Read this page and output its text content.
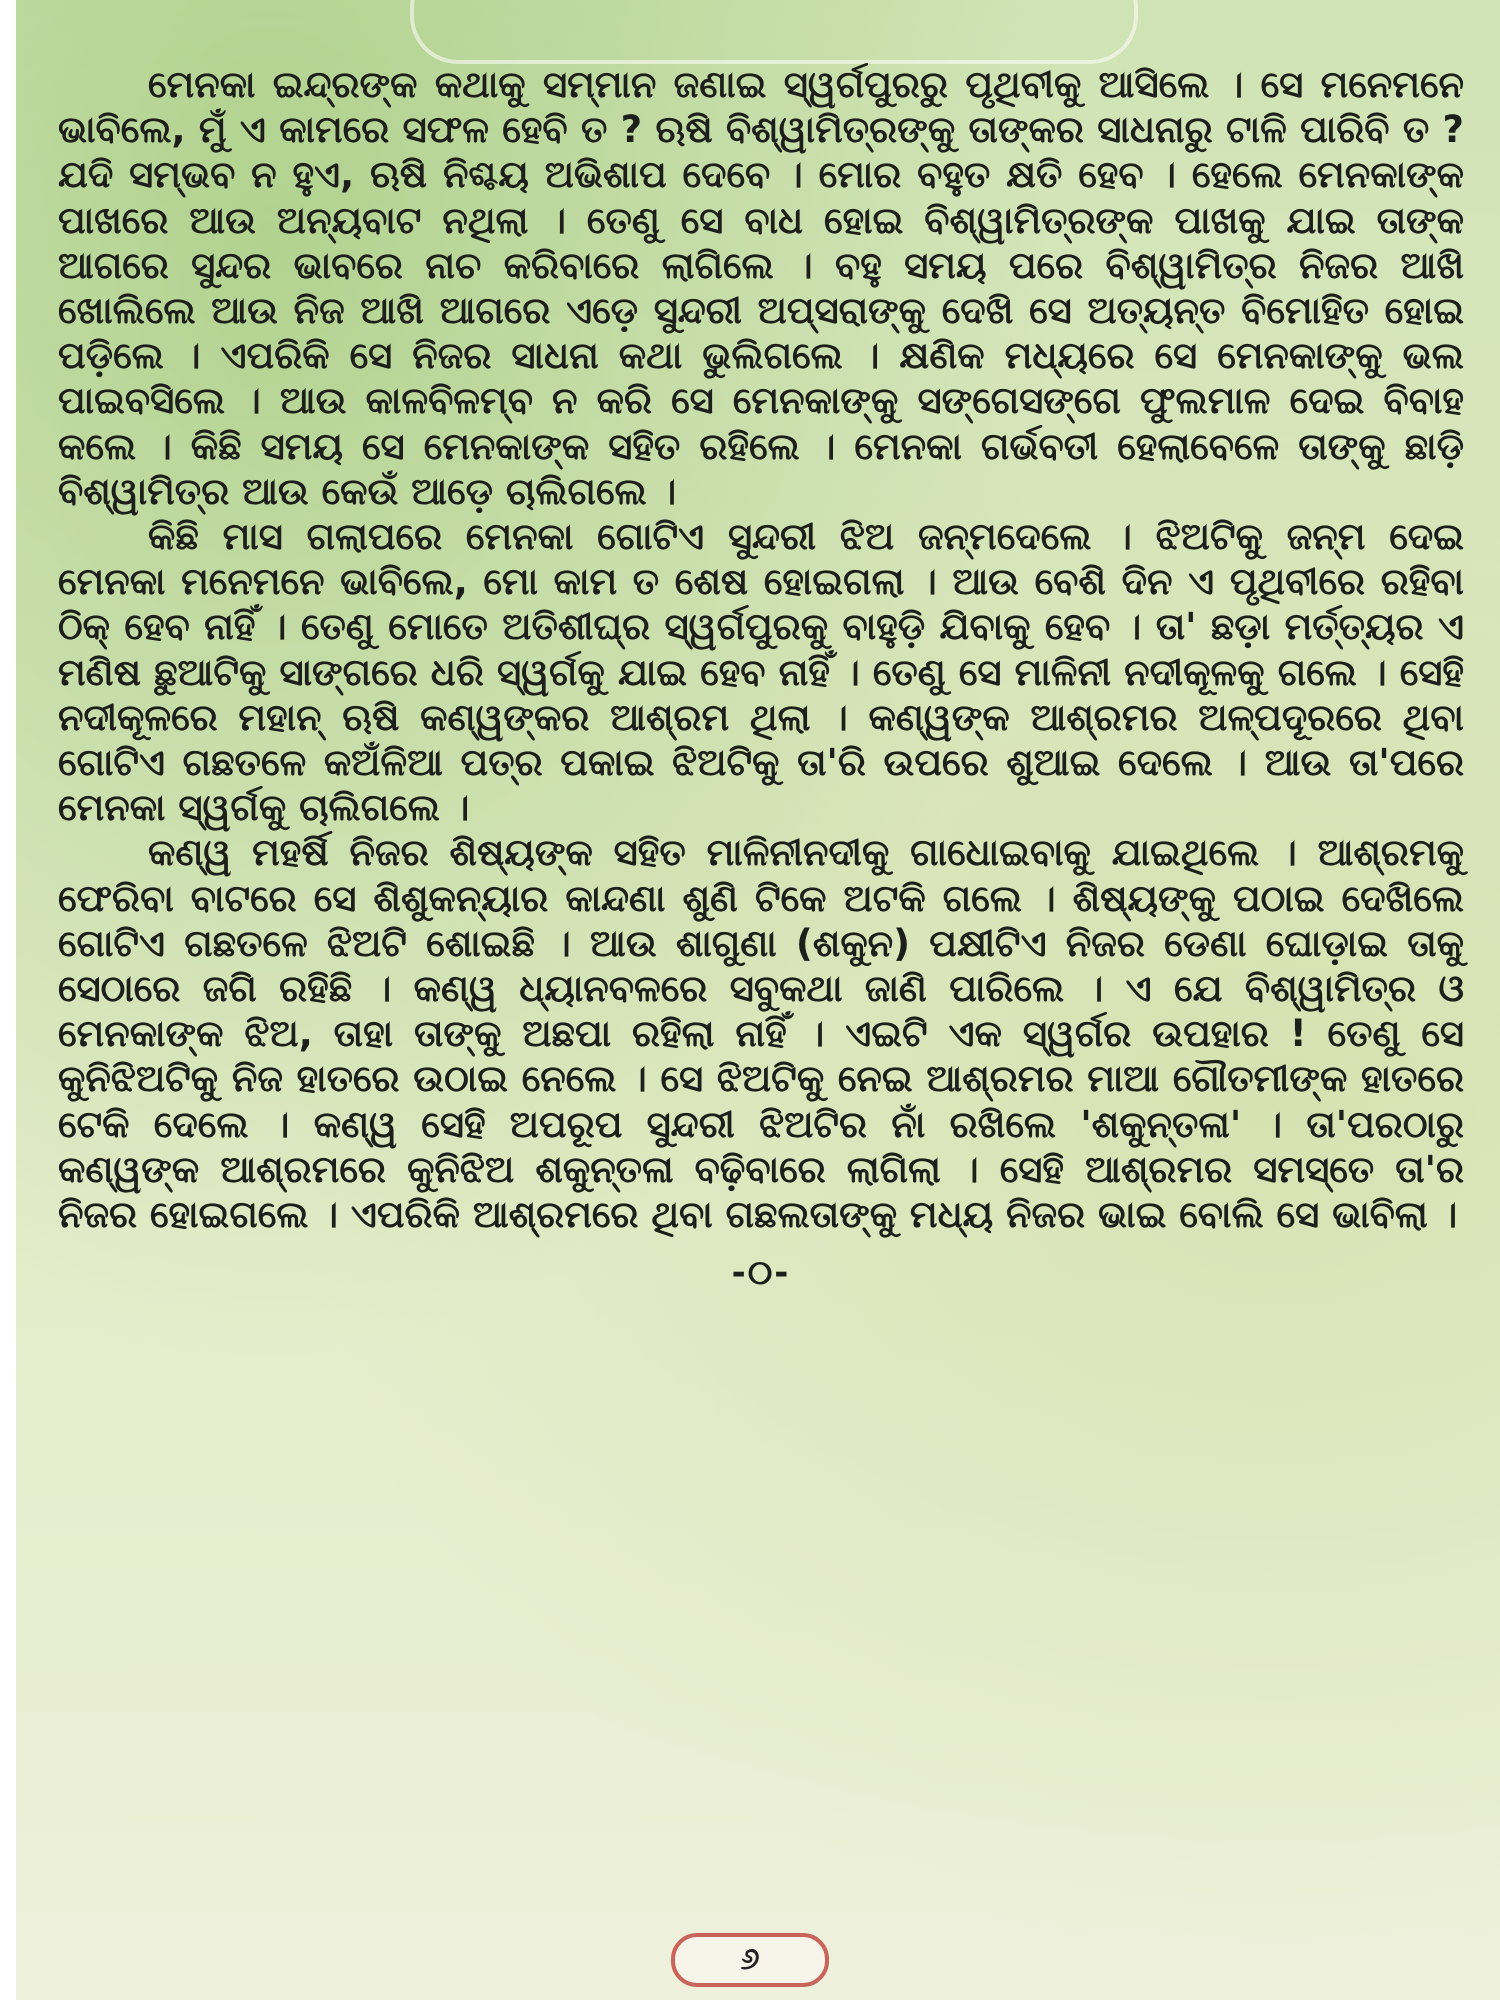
ମେନକା ଇନ୍ଦ୍ରଙ୍କ କଥାକୁ ସମ୍ମାନ ଜଣାଇ ସ୍ୱର୍ଗପୁରରୁ ପୃଥିବୀକୁ ଆସିଲେ । ସେ ମନେମନେ ଭାବିଲେ, ମୁଁ ଏ କାମରେ ସଫଳ ହେବି ତ ? ଋଷି ବିଶ୍ୱାମିତ୍ରଙ୍କୁ ତାଙ୍କର ସାଧନାରୁ ଟାଳି ପାରିବି ତ ? ଯଦି ସମ୍ଭବ ନ ହୁଏ, ଋଷି ନିଶ୍ଚୟ ଅଭିଶାପ ଦେବେ । ମୋର ବହୁତ କ୍ଷତି ହେବ । ହେଲେ ମେନକାଙ୍କ ପାଖରେ ଆଉ ଅନ୍ୟବାଟ ନଥିଲା । ତେଣୁ ସେ ବାଧ ହୋଇ ବିଶ୍ୱାମିତ୍ରଙ୍କ ପାଖକୁ ଯାଇ ତାଙ୍କ ଆଗରେ ସୁନ୍ଦର ଭାବରେ ନାଚ କରିବାରେ ଲାଗିଲେ । ବହୁ ସମୟ ପରେ ବିଶ୍ୱାମିତ୍ର ନିଜର ଆଖି ଖୋଲିଲେ ଆଉ ନିଜ ଆଖି ଆଗରେ ଏଡ଼େ ସୁନ୍ଦରୀ ଅପ୍ସରାଙ୍କୁ ଦେଖି ସେ ଅତ୍ୟନ୍ତ ବିମୋହିତ ହୋଇ ପଡ଼ିଲେ । ଏପରିକି ସେ ନିଜର ସାଧନା କଥା ଭୁଲିଗଲେ । କ୍ଷଣିକ ମଧ୍ୟରେ ସେ ମେନକାଙ୍କୁ ଭଲ ପାଇବସିଲେ । ଆଉ କାଳବିଳମ୍ବ ନ କରି ସେ ମେନକାଙ୍କୁ ସଙ୍ଗେସଙ୍ଗେ ଫୁଲମାଳ ଦେଇ ବିବାହ କଲେ । କିଛି ସମୟ ସେ ମେନକାଙ୍କ ସହିତ ରହିଲେ । ମେନକା ଗର୍ଭବତୀ ହେଲାବେଳେ ତାଙ୍କୁ ଛାଡ଼ି ବିଶ୍ୱାମିତ୍ର ଆଉ କେଉଁ ଆଡ଼େ ଚାଲିଗଲେ ।

କିଛି ମାସ ଗଲାପରେ ମେନକା ଗୋଟିଏ ସୁନ୍ଦରୀ ଝିଅ ଜନ୍ମଦେଲେ । ଝିଅଟିକୁ ଜନ୍ମ ଦେଇ ମେନକା ମନେମନେ ଭାବିଲେ, ମୋ କାମ ତ ଶେଷ ହୋଇଗଲା । ଆଉ ବେଶି ଦିନ ଏ ପୃଥିବୀରେ ରହିବା ଠିକ୍ ହେବ ନାହିଁ । ତେଣୁ ମୋତେ ଅତିଶୀଘ୍ର ସ୍ୱର୍ଗପୁରକୁ ବାହୁଡ଼ି ଯିବାକୁ ହେବ । ତା' ଛଡ଼ା ମର୍ତ୍ତ୍ୟର ଏ ମଣିଷ ଛୁଆଟିକୁ ସାଙ୍ଗରେ ଧରି ସ୍ୱର୍ଗକୁ ଯାଇ ହେବ ନାହିଁ । ତେଣୁ ସେ ମାଳିନୀ ନଦୀକୂଳକୁ ଗଲେ । ସେହି ନଦୀକୂଳରେ ମହାନ୍ ଋଷି କଣ୍ୱଙ୍କର ଆଶ୍ରମ ଥିଲା । କଣ୍ୱଙ୍କ ଆଶ୍ରମର ଅଳ୍ପଦୂରରେ ଥିବା ଗୋଟିଏ ଗଛତଳେ କଅଁଳିଆ ପତ୍ର ପକାଇ ଝିଅଟିକୁ ତା'ରି ଉପରେ ଶୁଆଇ ଦେଲେ । ଆଉ ତା'ପରେ ମେନକା ସ୍ୱର୍ଗକୁ ଚାଲିଗଲେ ।

କଣ୍ୱ ମହର୍ଷି ନିଜର ଶିଷ୍ୟଙ୍କ ସହିତ ମାଳିନୀନଦୀକୁ ଗାଧୋଇବାକୁ ଯାଇଥିଲେ । ଆଶ୍ରମକୁ ଫେରିବା ବାଟରେ ସେ ଶିଶୁକନ୍ୟାର କାନ୍ଦଣା ଶୁଣି ଟିକେ ଅଟକି ଗଲେ । ଶିଷ୍ୟଙ୍କୁ ପଠାଇ ଦେଖିଲେ ଗୋଟିଏ ଗଛତଳେ ଝିଅଟି ଶୋଇଛି । ଆଉ ଶାଗୁଣା (ଶକୁନ) ପକ୍ଷୀଟିଏ ନିଜର ଡେଣା ଘୋଡ଼ାଇ ତାକୁ ସେଠାରେ ଜଗି ରହିଛି । କଣ୍ୱ ଧ୍ୟାନବଳରେ ସବୁକଥା ଜାଣି ପାରିଲେ । ଏ ଯେ ବିଶ୍ୱାମିତ୍ର ଓ ମେନକାଙ୍କ ଝିଅ, ତାହା ତାଙ୍କୁ ଅଛପା ରହିଲା ନାହିଁ । ଏଇଟି ଏକ ସ୍ୱର୍ଗର ଉପହାର ! ତେଣୁ ସେ କୁନିଝିଅଟିକୁ ନିଜ ହାତରେ ଉଠାଇ ନେଲେ । ସେ ଝିଅଟିକୁ ନେଇ ଆଶ୍ରମର ମାଆ ଗୌତମୀଙ୍କ ହାତରେ ଟେକି ଦେଲେ । କଣ୍ୱ ସେହି ଅପରୂପ ସୁନ୍ଦରୀ ଝିଅଟିର ନାଁ ରଖିଲେ 'ଶକୁନ୍ତଳା' । ତା'ପରଠାରୁ କଣ୍ୱଙ୍କ ଆଶ୍ରମରେ କୁନିଝିଅ ଶକୁନ୍ତଳା ବଢ଼ିବାରେ ଲାଗିଲା । ସେହି ଆଶ୍ରମର ସମସ୍ତେ ତା'ର ନିଜର ହୋଇଗଲେ । ଏପରିକି ଆଶ୍ରମରେ ଥିବା ଗଛଲତାଙ୍କୁ ମଧ୍ୟ ନିଜର ଭାଇ ବୋଲି ସେ ଭାବିଲା ।

-୦-
୬
